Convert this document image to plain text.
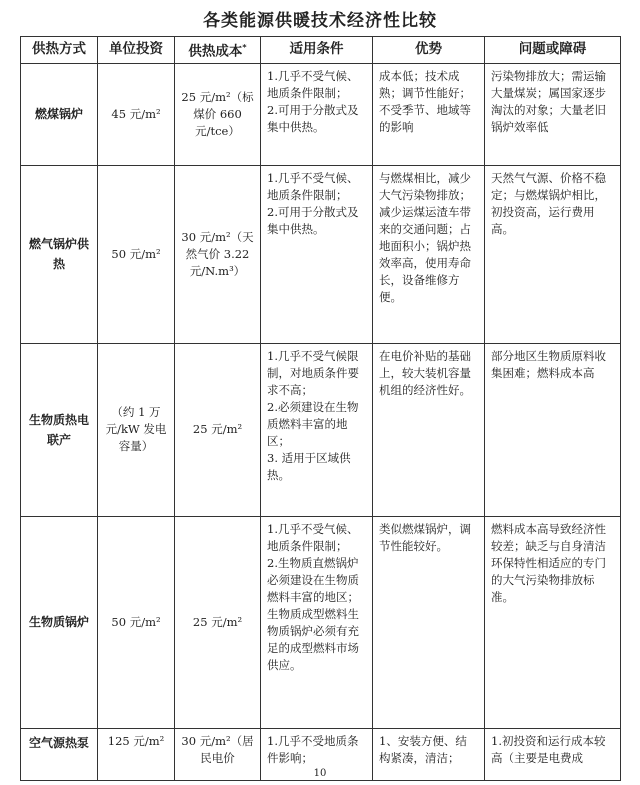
各类能源供暖技术经济性比较
供热方式	单位投资	供热成本*	适用条件	优势	问题或障碍
燃煤锅炉	45 元/m²	25 元/m²（标煤价 660 元/tce）	1.几乎不受气候、地质条件限制；
2.可用于分散式及集中供热。	成本低；技术成熟；调节性能好；不受季节、地域等的影响	污染物排放大；需运输大量煤炭；属国家逐步淘汰的对象；大量老旧锅炉效率低
燃气锅炉供热	50 元/m²	30 元/m²（天然气价 3.22 元/N.m³）	1.几乎不受气候、地质条件限制；
2.可用于分散式及集中供热。	与燃煤相比，减少大气污染物排放；减少运煤运渣车带来的交通问题；占地面积小；锅炉热效率高，使用寿命长，设备维修方便。	天然气气源、价格不稳定；与燃煤锅炉相比，初投资高，运行费用高。
生物质热电联产	（约 1 万元/kW 发电容量）	25 元/m²	1.几乎不受气候限制，对地质条件要求不高；
2.必须建设在生物质燃料丰富的地区；
3. 适用于区域供热。	在电价补贴的基础上，较大装机容量机组的经济性好。	部分地区生物质原料收集困难；燃料成本高
生物质锅炉	50 元/m²	25 元/m²	1.几乎不受气候、地质条件限制；
2.生物质直燃锅炉必须建设在生物质燃料丰富的地区；生物质成型燃料生物质锅炉必须有充足的成型燃料市场供应。	类似燃煤锅炉，调节性能较好。	燃料成本高导致经济性较差；缺乏与自身清洁环保特性相适应的专门的大气污染物排放标准。
空气源热泵	125 元/m²	30 元/m²（居民电价	1.几乎不受地质条件影响；	1、安装方便、结构紧凑，清洁；	1.初投资和运行成本较高（主要是电费成
10
